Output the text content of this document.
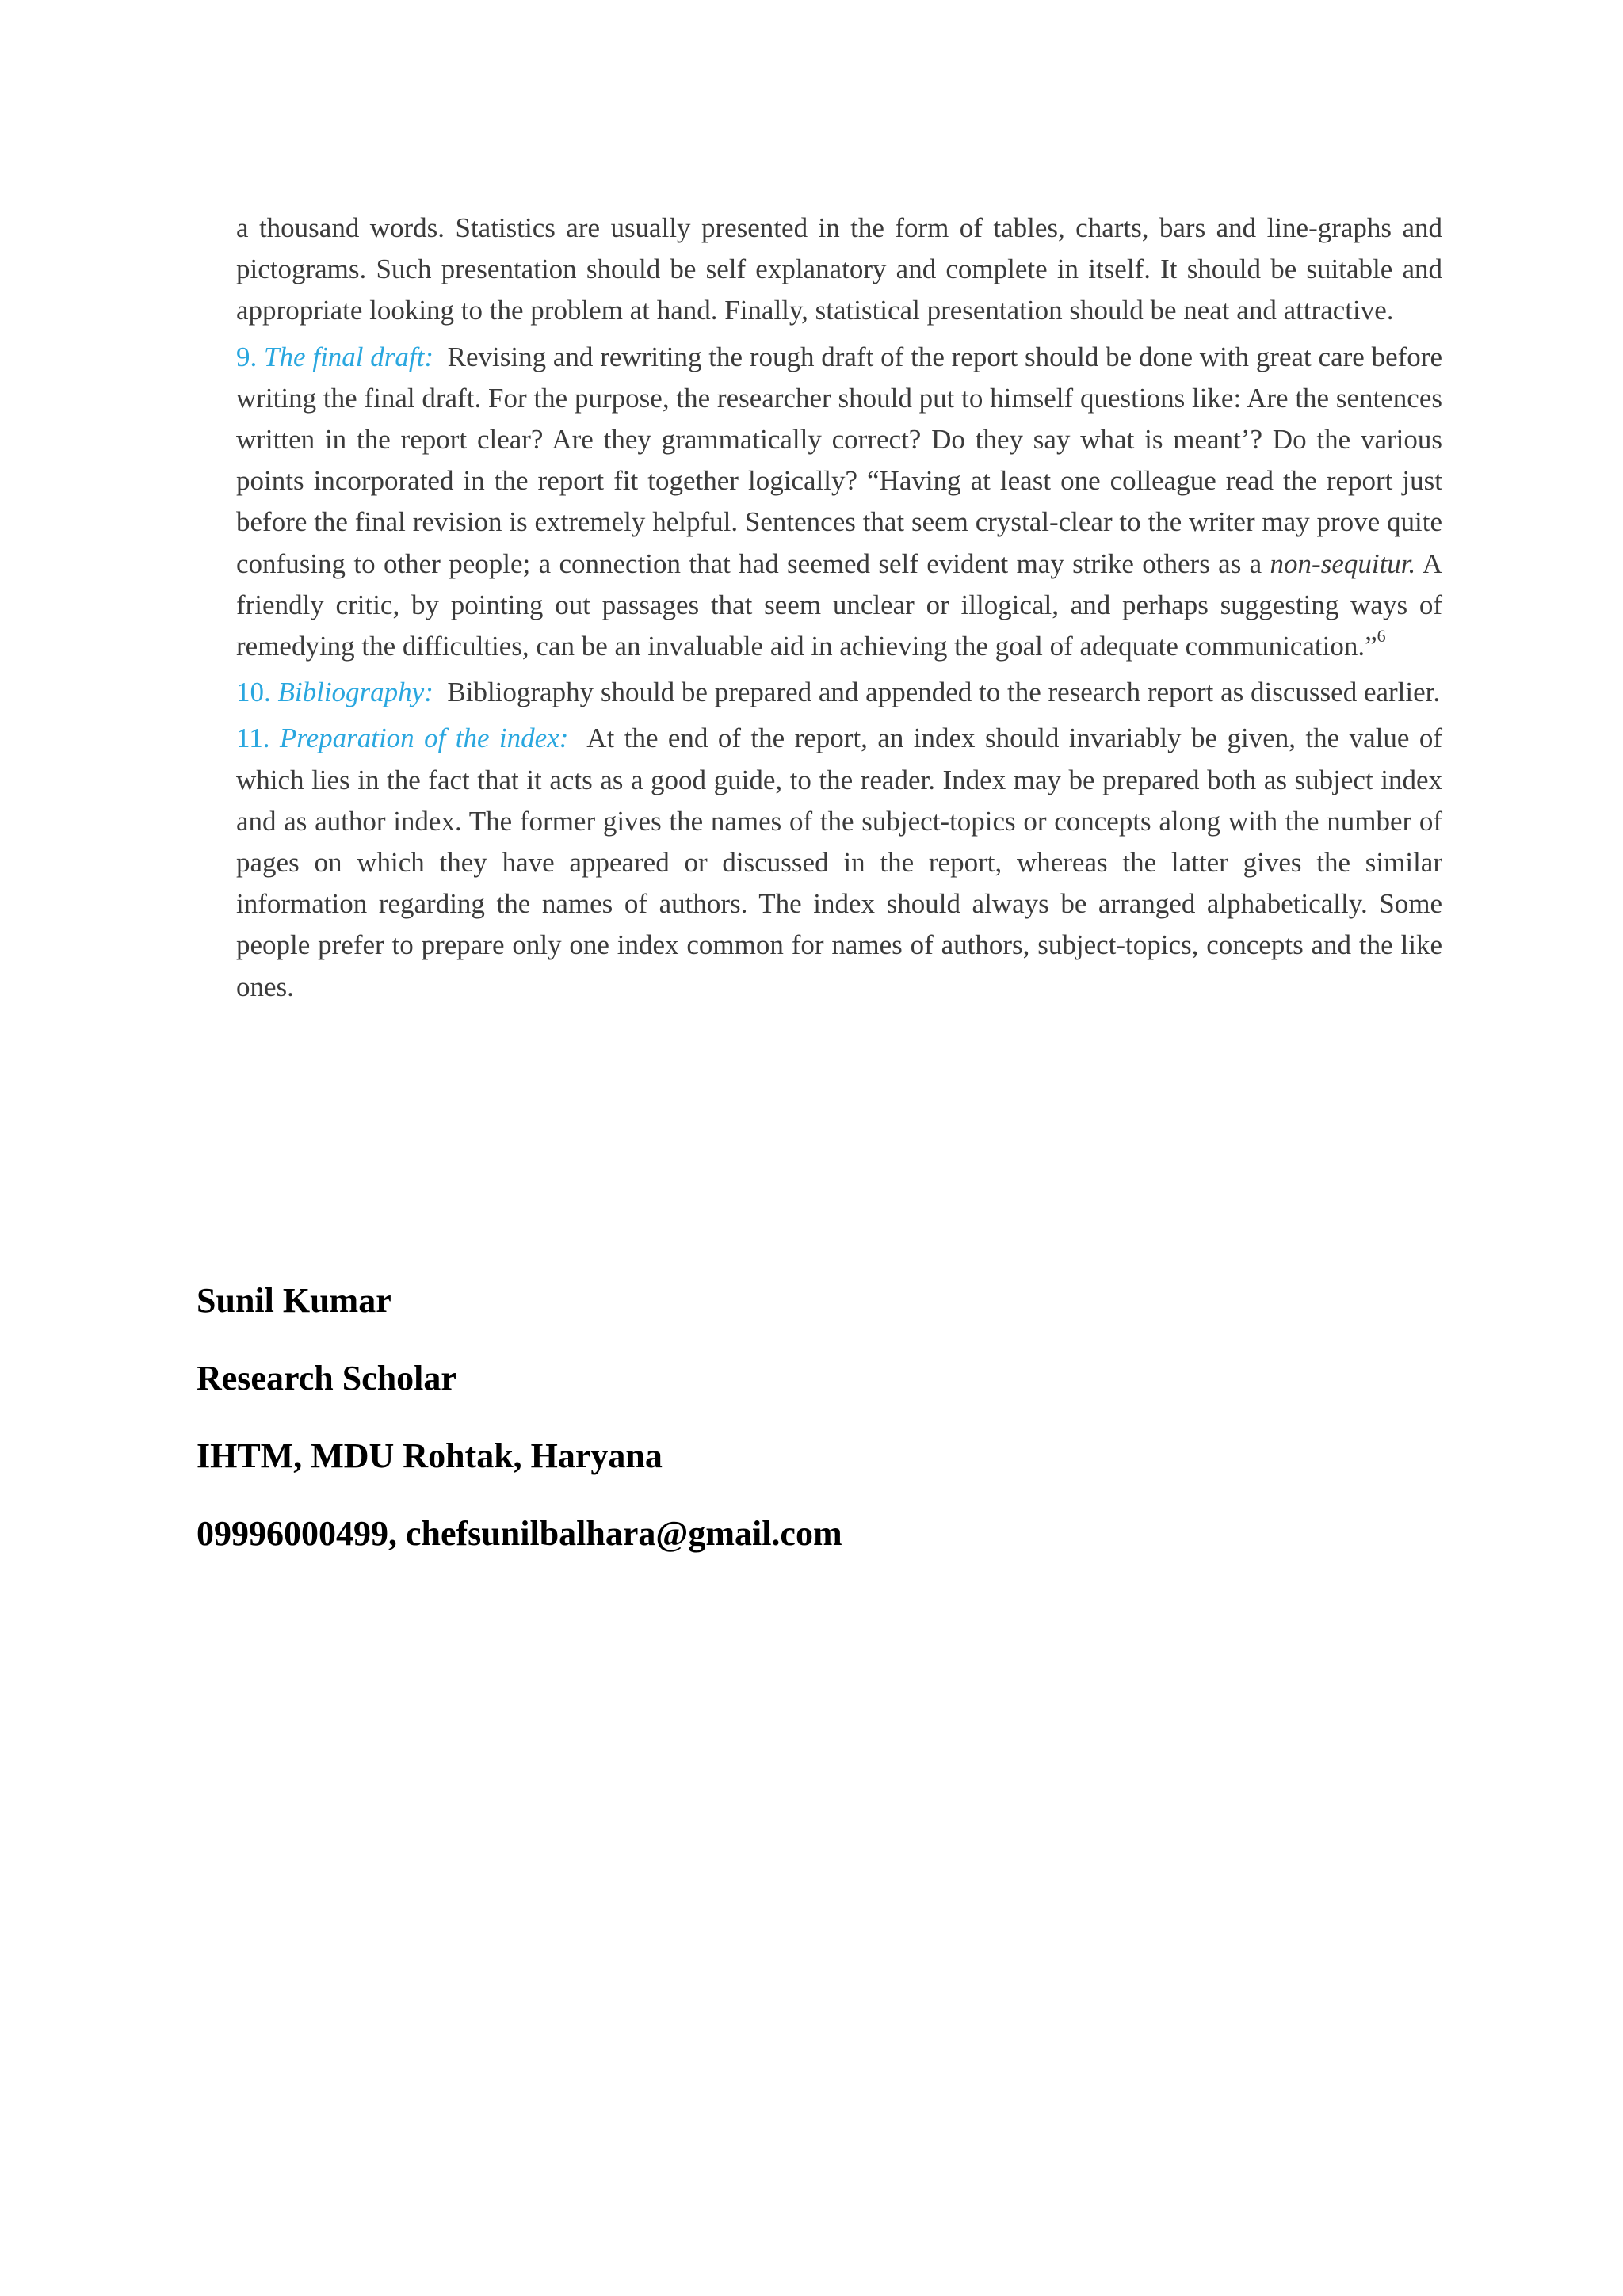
a thousand words. Statistics are usually presented in the form of tables, charts, bars and line-graphs and pictograms. Such presentation should be self explanatory and complete in itself. It should be suitable and appropriate looking to the problem at hand. Finally, statistical presentation should be neat and attractive.

9. The final draft: Revising and rewriting the rough draft of the report should be done with great care before writing the final draft. For the purpose, the researcher should put to himself questions like: Are the sentences written in the report clear? Are they grammatically correct? Do they say what is meant’? Do the various points incorporated in the report fit together logically? “Having at least one colleague read the report just before the final revision is extremely helpful. Sentences that seem crystal-clear to the writer may prove quite confusing to other people; a connection that had seemed self evident may strike others as a non-sequitur. A friendly critic, by pointing out passages that seem unclear or illogical, and perhaps suggesting ways of remedying the difficulties, can be an invaluable aid in achieving the goal of adequate communication.”$^6$

10. Bibliography: Bibliography should be prepared and appended to the research report as discussed earlier.

11. Preparation of the index: At the end of the report, an index should invariably be given, the value of which lies in the fact that it acts as a good guide, to the reader. Index may be prepared both as subject index and as author index. The former gives the names of the subject-topics or concepts along with the number of pages on which they have appeared or discussed in the report, whereas the latter gives the similar information regarding the names of authors. The index should always be arranged alphabetically. Some people prefer to prepare only one index common for names of authors, subject-topics, concepts and the like ones.

Sunil Kumar
Research Scholar
IHTM, MDU Rohtak, Haryana
09996000499, chefsunilbalhara@gmail.com
